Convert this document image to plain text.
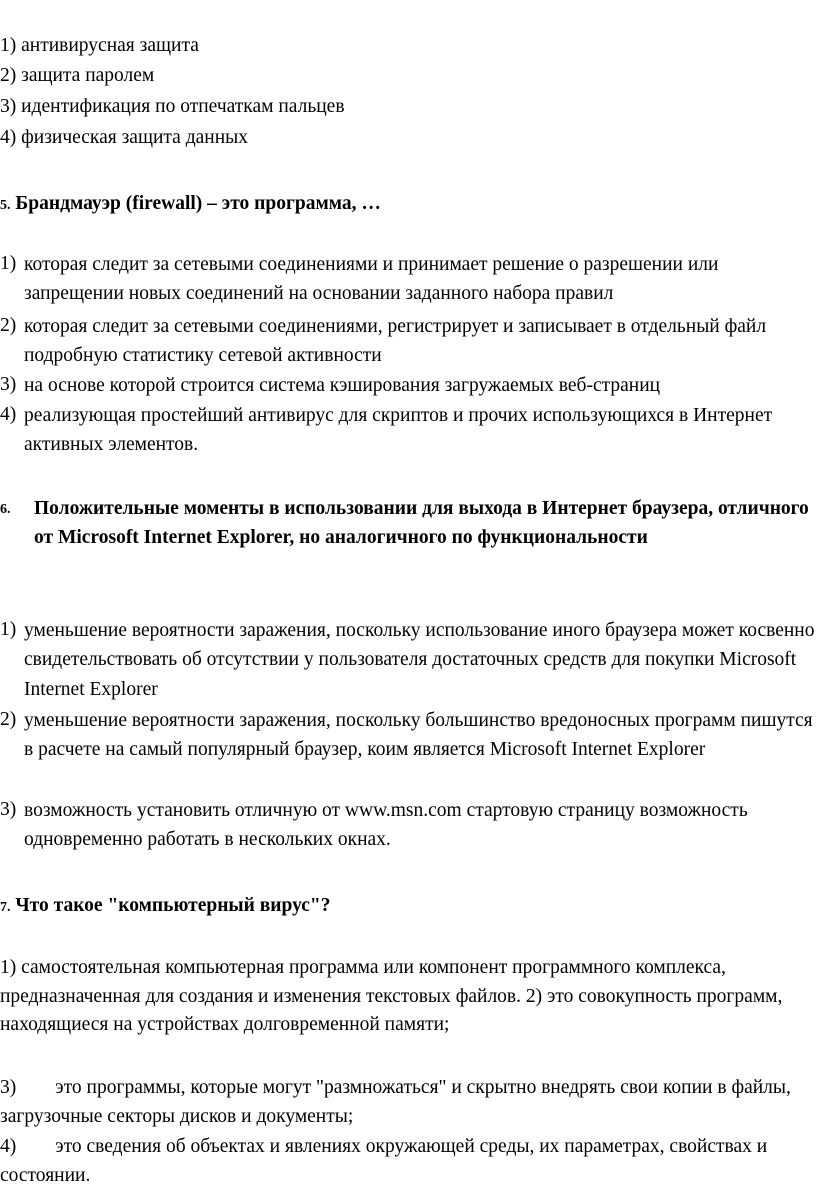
1) антивирусная защита
2) защита паролем
3) идентификация по отпечаткам пальцев
4) физическая защита данных
5. Брандмауэр (firewall) – это программа, …
1) которая следит за сетевыми соединениями и принимает решение о разрешении или запрещении новых соединений на основании заданного набора правил
2) которая следит за сетевыми соединениями, регистрирует и записывает в отдельный файл подробную статистику сетевой активности
3) на основе которой строится система кэширования загружаемых веб-страниц
4) реализующая простейший антивирус для скриптов и прочих использующихся в Интернет активных элементов.
6. Положительные моменты в использовании для выхода в Интернет браузера, отличного от Microsoft Internet Explorer, но аналогичного по функциональности
1) уменьшение вероятности заражения, поскольку использование иного браузера может косвенно свидетельствовать об отсутствии у пользователя достаточных средств для покупки Microsoft Internet Explorer
2) уменьшение вероятности заражения, поскольку большинство вредоносных программ пишутся в расчете на самый популярный браузер, коим является Microsoft Internet Explorer
3) возможность установить отличную от www.msn.com стартовую страницу возможность одновременно работать в нескольких окнах.
7. Что такое "компьютерный вирус"?
1) самостоятельная компьютерная программа или компонент программного комплекса, предназначенная для создания и изменения текстовых файлов. 2) это совокупность программ, находящиеся на устройствах долговременной памяти;
3) это программы, которые могут "размножаться" и скрытно внедрять свои копии в файлы, загрузочные секторы дисков и документы;
4) это сведения об объектах и явлениях окружающей среды, их параметрах, свойствах и состоянии.
